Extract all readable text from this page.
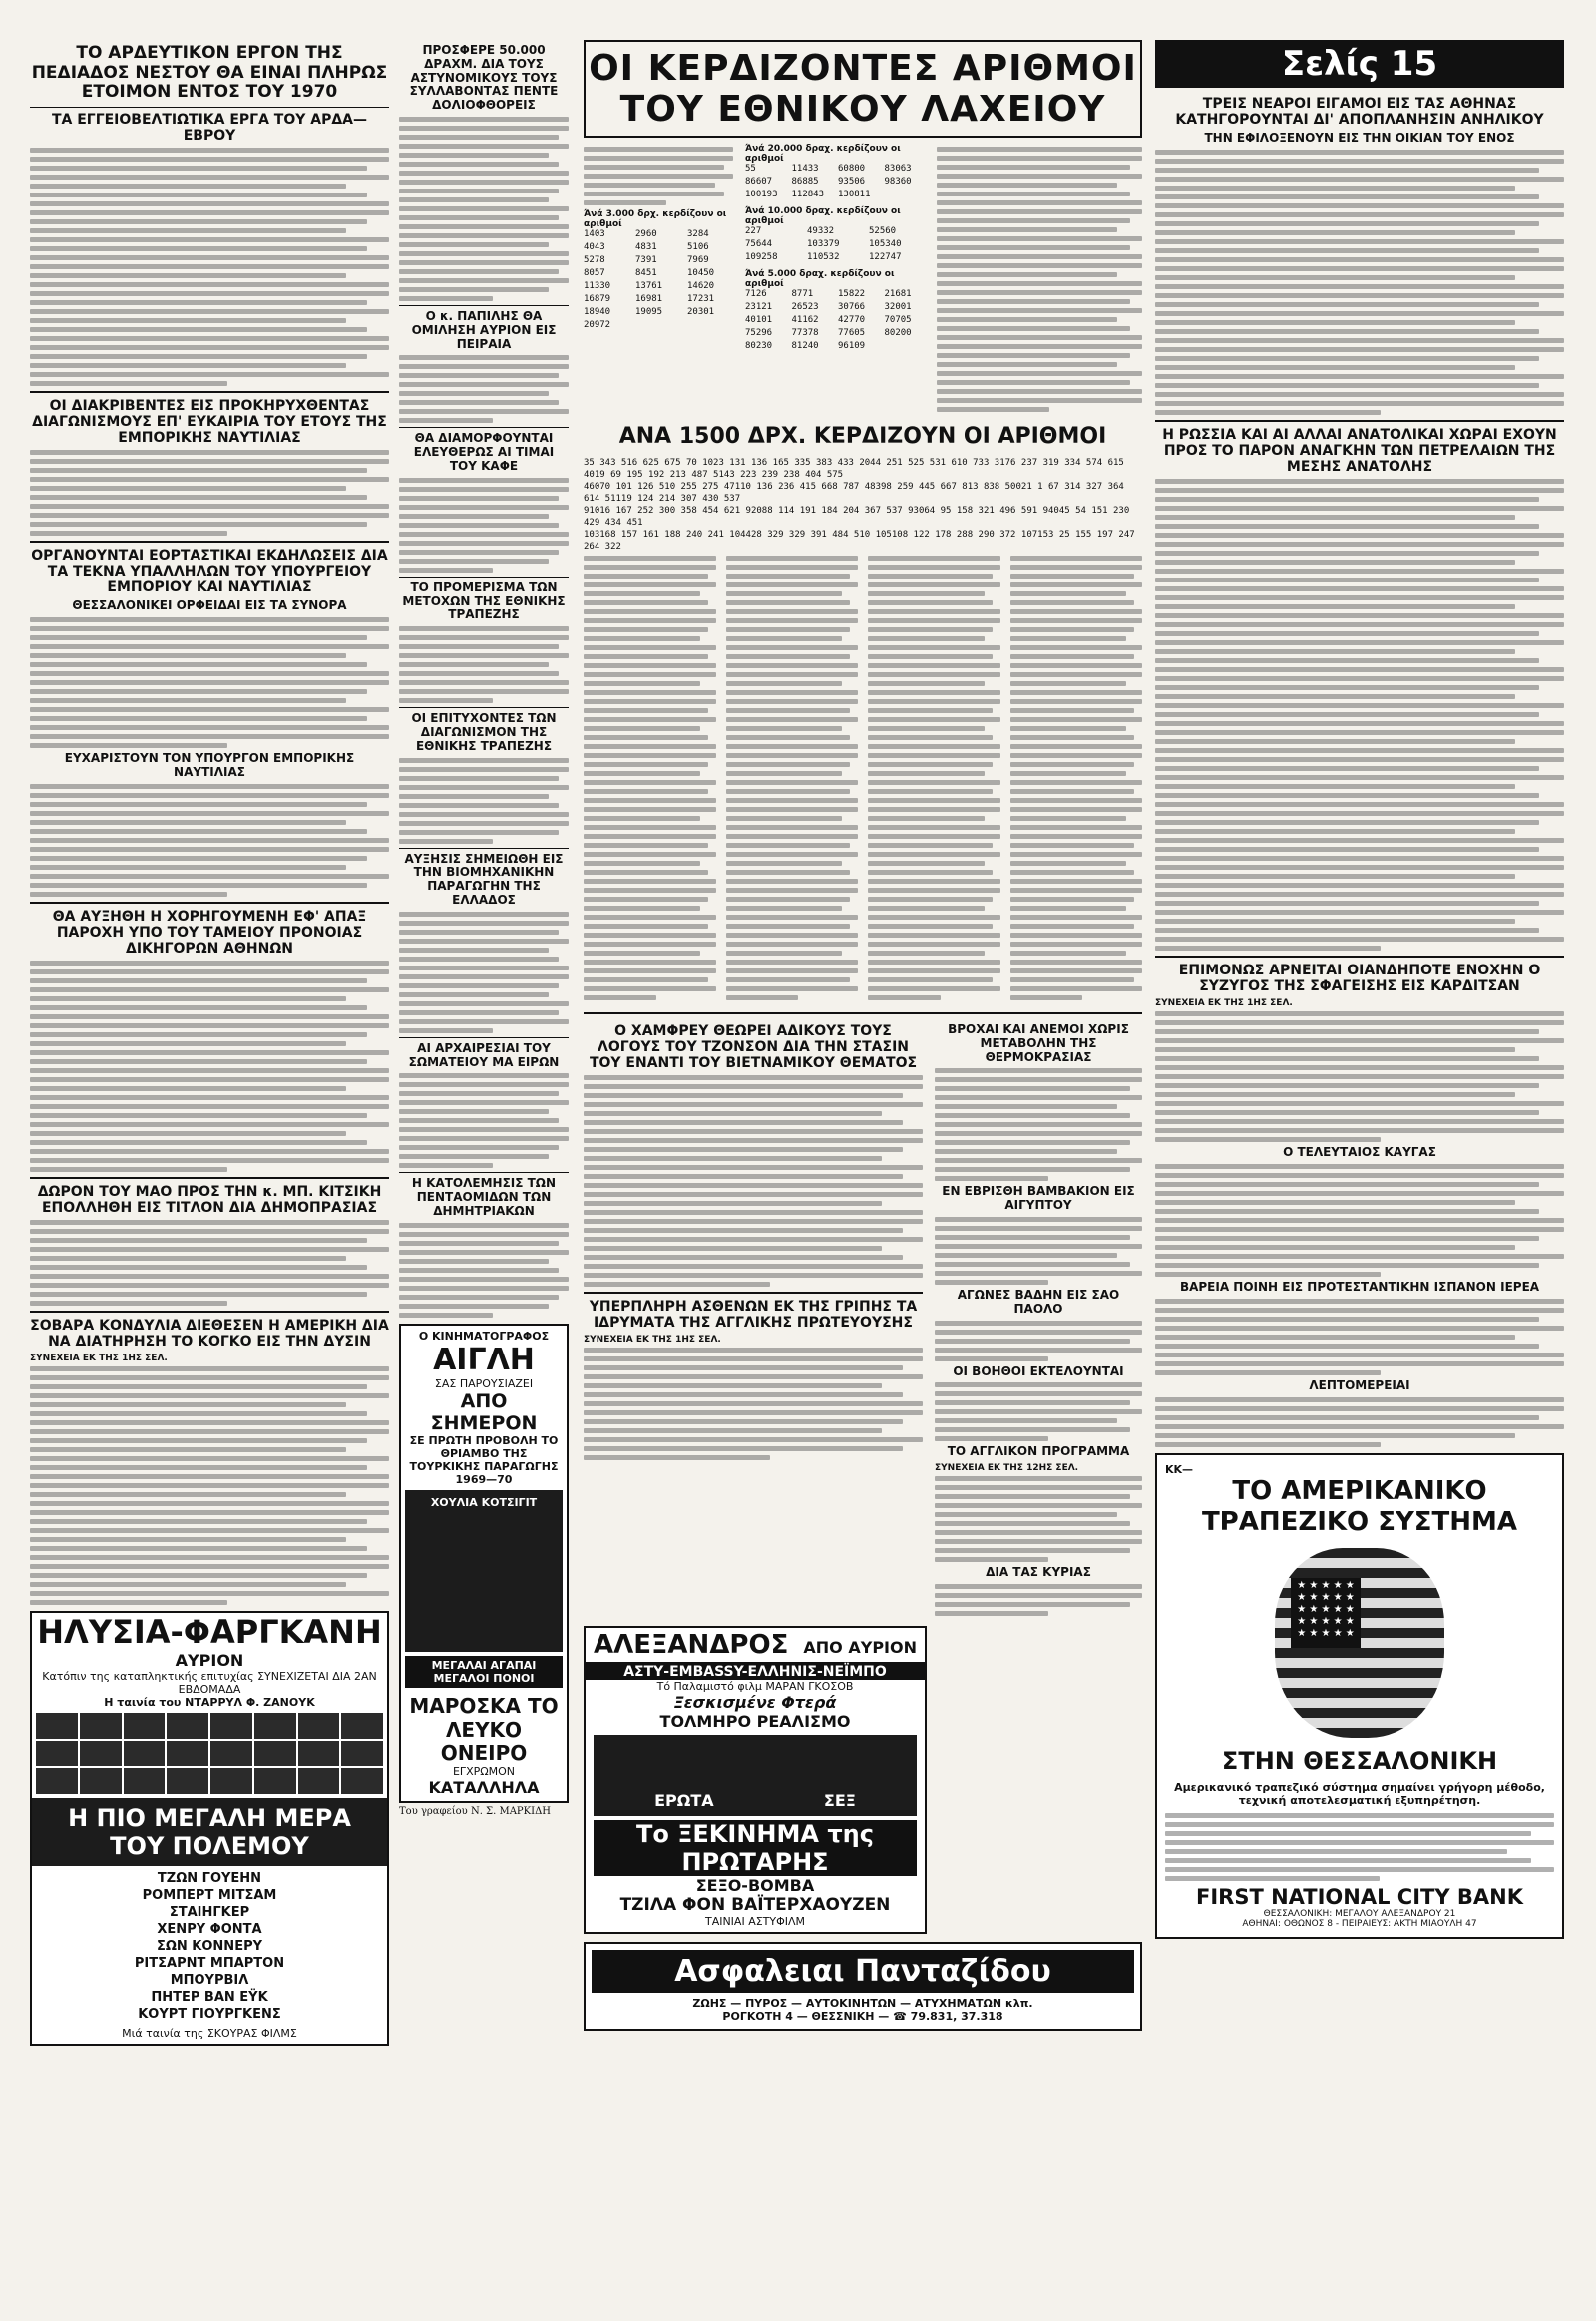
ΤΟ ΑΡΔΕΥΤΙΚΟΝ ΕΡΓΟΝ ΤΗΣ ΠΕΔΙΑΔΟΣ ΝΕΣΤΟΥ ΘΑ ΕΙΝΑΙ ΠΛΗΡΩΣ ΕΤΟΙΜΟΝ ΕΝΤΟΣ ΤΟΥ 1970
ΤΑ ΕΓΓΕΙΟΒΕΛΤΙΩΤΙΚΑ ΕΡΓΑ ΤΟΥ ΑΡΔΑ—ΕΒΡΟΥ
ΟΙ ΔΙΑΚΡΙΒΕΝΤΕΣ ΕΙΣ ΠΡΟΚΗΡΥΧΘΕΝΤΑΣ ΔΙΑΓΩΝΙΣΜΟΥΣ ΕΠ' ΕΥΚΑΙΡΙΑ ΤΟΥ ΕΤΟΥΣ ΤΗΣ ΕΜΠΟΡΙΚΗΣ ΝΑΥΤΙΛΙΑΣ
ΟΡΓΑΝΟΥΝΤΑΙ ΕΟΡΤΑΣΤΙΚΑΙ ΕΚΔΗΛΩΣΕΙΣ ΔΙΑ ΤΑ ΤΕΚΝΑ ΥΠΑΛΛΗΛΩΝ ΤΟΥ ΥΠΟΥΡΓΕΙΟΥ ΕΜΠΟΡΙΟΥ ΚΑΙ ΝΑΥΤΙΛΙΑΣ
ΘΕΣΣΑΛΟΝΙΚΕΙ ΟΡΦΕΙΔΑΙ ΕΙΣ ΤΑ ΣΥΝΟΡΑ
ΕΥΧΑΡΙΣΤΟΥΝ ΤΟΝ ΥΠΟΥΡΓΟΝ ΕΜΠΟΡΙΚΗΣ ΝΑΥΤΙΛΙΑΣ
ΘΑ ΑΥΞΗΘΗ Η ΧΟΡΗΓΟΥΜΕΝΗ ΕΦ' ΑΠΑΞ ΠΑΡΟΧΗ ΥΠΟ ΤΟΥ ΤΑΜΕΙΟΥ ΠΡΟΝΟΙΑΣ ΔΙΚΗΓΟΡΩΝ ΑΘΗΝΩΝ
ΔΩΡΟΝ ΤΟΥ ΜΑΟ ΠΡΟΣ ΤΗΝ κ. ΜΠ. ΚΙΤΣΙΚΗ ΕΠΟΛΛΗΘΗ ΕΙΣ ΤΙΤΛΟΝ ΔΙΑ ΔΗΜΟΠΡΑΣΙΑΣ
ΣΟΒΑΡΑ ΚΟΝΔΥΛΙΑ ΔΙΕΘΕΣΕΝ Η ΑΜΕΡΙΚΗ ΔΙΑ ΝΑ ΔΙΑΤΗΡΗΣΗ ΤΟ ΚΟΓΚΟ ΕΙΣ ΤΗΝ ΔΥΣΙΝ
ΣΥΝΕΧΕΙΑ ΕΚ ΤΗΣ 1ΗΣ ΣΕΛ.
ΗΛΥΣΙΑ-ΦΑΡΓΚΑΝΗ
ΑΥΡΙΟΝ
Κατόπιν της καταπληκτικής επιτυχίας ΣΥΝΕΧΙΖΕΤΑΙ ΔΙΑ 2ΑΝ ΕΒΔΟΜΑΔΑ
Η ταινία του ΝΤΑΡΡΥΛ Φ. ΖΑΝΟΥΚ
Η ΠΙΟ ΜΕΓΑΛΗ ΜΕΡΑ ΤΟΥ ΠΟΛΕΜΟΥ
ΤΖΩΝ ΓΟΥΕΗΝ
ΡΟΜΠΕΡΤ ΜΙΤΣΑΜ
ΣΤΑΙΗΓΚΕΡ
ΧΕΝΡΥ ΦΟΝΤΑ
ΣΩΝ ΚΟΝΝΕΡΥ
ΡΙΤΣΑΡΝΤ ΜΠΑΡΤΟΝ
ΜΠΟΥΡΒΙΛ
ΠΗΤΕΡ ΒΑΝ ΕΫΚ
ΚΟΥΡΤ ΓΙΟΥΡΓΚΕΝΣ
Μιά ταινία της ΣΚΟΥΡΑΣ ΦΙΛΜΣ
ΠΡΟΣΦΕΡΕ 50.000 ΔΡΑΧΜ. ΔΙΑ ΤΟΥΣ ΑΣΤΥΝΟΜΙΚΟΥΣ ΤΟΥΣ ΣΥΛΛΑΒΟΝΤΑΣ ΠΕΝΤΕ ΔΟΛΙΟΦΘΟΡΕΙΣ
Ο κ. ΠΑΠΙΛΗΣ ΘΑ ΟΜΙΛΗΣΗ ΑΥΡΙΟΝ ΕΙΣ ΠΕΙΡΑΙΑ
ΘΑ ΔΙΑΜΟΡΦΟΥΝΤΑΙ ΕΛΕΥΘΕΡΩΣ ΑΙ ΤΙΜΑΙ ΤΟΥ ΚΑΦΕ
ΤΟ ΠΡΟΜΕΡΙΣΜΑ ΤΩΝ ΜΕΤΟΧΩΝ ΤΗΣ ΕΘΝΙΚΗΣ ΤΡΑΠΕΖΗΣ
ΟΙ ΕΠΙΤΥΧΟΝΤΕΣ ΤΩΝ ΔΙΑΓΩΝΙΣΜΟΝ ΤΗΣ ΕΘΝΙΚΗΣ ΤΡΑΠΕΖΗΣ
ΑΥΞΗΣΙΣ ΣΗΜΕΙΩΘΗ ΕΙΣ ΤΗΝ ΒΙΟΜΗΧΑΝΙΚΗΝ ΠΑΡΑΓΩΓΗΝ ΤΗΣ ΕΛΛΑΔΟΣ
ΑΙ ΑΡΧΑΙΡΕΣΙΑΙ ΤΟΥ ΣΩΜΑΤΕΙΟΥ ΜΑ ΕΙΡΩΝ
Η ΚΑΤΟΛΕΜΗΣΙΣ ΤΩΝ ΠΕΝΤΑΟΜΙΔΩΝ ΤΩΝ ΔΗΜΗΤΡΙΑΚΩΝ
Ο ΚΙΝΗΜΑΤΟΓΡΑΦΟΣ
ΑΙΓΛΗ
ΣΑΣ ΠΑΡΟΥΣΙΑΖΕΙ
ΑΠΟ ΣΗΜΕΡΟΝ
ΣΕ ΠΡΩΤΗ ΠΡΟΒΟΛΗ ΤΟ ΘΡΙΑΜΒΟ ΤΗΣ ΤΟΥΡΚΙΚΗΣ ΠΑΡΑΓΩΓΗΣ 1969—70
ΧΟΥΛΙΑ ΚΟΤΣΙΓΙΤ
ΜΕΓΑΛΑΙ ΑΓΑΠΑΙ ΜΕΓΑΛΟΙ ΠΟΝΟΙ
ΜΑΡΟΣΚΑ ΤΟ ΛΕΥΚΟ ΟΝΕΙΡΟ
ΕΓΧΡΩΜΟΝ
ΚΑΤΑΛΛΗΛΑ
Του γραφείου Ν. Σ. ΜΑΡΚΙΔΗ
ΟΙ ΚΕΡΔΙΖΟΝΤΕΣ ΑΡΙΘΜΟΙ ΤΟΥ ΕΘΝΙΚΟΥ ΛΑΧΕΙΟΥ
Άνά 3.000 δρχ. κερδίζουν οι αριθμοί
1403	2960	3284
4043	4831	5106
5278	7391	7969
8057	8451	10450
11330	13761	14620
16879	16981	17231
18940	19095	20301
20972
Άνά 20.000 δραχ. κερδίζουν οι αριθμοί
55	11433	60800	83063
86607	86885	93506	98360
100193	112843	130811
Άνά 10.000 δραχ. κερδίζουν οι αριθμοί
227	49332	52560
75644	103379	105340
109258	110532	122747
Άνά 5.000 δραχ. κερδίζουν οι αριθμοί
7126	8771	15822	21681
23121	26523	30766	32001
40101	41162	42770	70705
75296	77378	77605	80200
80230	81240	96109
ΑΝΑ 1500 ΔΡΧ. ΚΕΡΔΙΖΟΥΝ ΟΙ ΑΡΙΘΜΟΙ
35 343 516 625 675 70 1023 131 136 165 335 383 433 2044 251 525 531 610 733 3176 237 319 334 574 615 4019 69 195 192 213 487 5143 223 239 238 404 575
46070 101 126 510 255 275 47110 136 236 415 668 787 48398 259 445 667 813 838 50021 1 67 314 327 364 614 51119 124 214 307 430 537
91016 167 252 300 358 454 621 92088 114 191 184 204 367 537 93064 95 158 321 496 591 94045 54 151 230 429 434 451
103168 157 161 188 240 241 104428 329 329 391 484 510 105108 122 178 288 290 372 107153 25 155 197 247 264 322
Ο ΧΑΜΦΡΕΥ ΘΕΩΡΕΙ ΑΔΙΚΟΥΣ ΤΟΥΣ ΛΟΓΟΥΣ ΤΟΥ ΤΖΟΝΣΟΝ ΔΙΑ ΤΗΝ ΣΤΑΣΙΝ ΤΟΥ ΕΝΑΝΤΙ ΤΟΥ ΒΙΕΤΝΑΜΙΚΟΥ ΘΕΜΑΤΟΣ
ΥΠΕΡΠΛΗΡΗ ΑΣΘΕΝΩΝ ΕΚ ΤΗΣ ΓΡΙΠΗΣ ΤΑ ΙΔΡΥΜΑΤΑ ΤΗΣ ΑΓΓΛΙΚΗΣ ΠΡΩΤΕΥΟΥΣΗΣ
ΣΥΝΕΧΕΙΑ ΕΚ ΤΗΣ 1ΗΣ ΣΕΛ.
ΒΡΟΧΑΙ ΚΑΙ ΑΝΕΜΟΙ ΧΩΡΙΣ ΜΕΤΑΒΟΛΗΝ ΤΗΣ ΘΕΡΜΟΚΡΑΣΙΑΣ
ΕΝ ΕΒΡΙΣΘΗ ΒΑΜΒΑΚΙΟΝ ΕΙΣ ΑΙΓΥΠΤΟΥ
ΑΓΩΝΕΣ ΒΑΔΗΝ ΕΙΣ ΣΑΟ ΠΑΟΛΟ
ΟΙ ΒΟΗΘΟΙ ΕΚΤΕΛΟΥΝΤΑΙ
ΤΟ ΑΓΓΛΙΚΟΝ ΠΡΟΓΡΑΜΜΑ
ΣΥΝΕΧΕΙΑ ΕΚ ΤΗΣ 12ΗΣ ΣΕΛ.
ΔΙΑ ΤΑΣ ΚΥΡΙΑΣ
ΑΛΕΞΑΝΔΡΟΣ ΑΠΟ ΑΥΡΙΟΝ
ΑΣΤΥ-EMBASSY-ΕΛΛΗΝΙΣ-ΝΕΪΜΠΟ
Τό Παλαμιστό φιλμ ΜΑΡΑΝ ΓΚΟΣΟΒ
Ξεσκισμένε Φτερά
ΤΟΛΜΗΡΟ ΡΕΑΛΙΣΜΟ
ΕΡΩΤΑ	ΣΕΞ
Το ΞΕΚΙΝΗΜΑ της ΠΡΩΤΑΡΗΣ
ΣΕΞΟ-ΒΟΜΒΑ
ΤΖΙΛΑ ΦΟΝ ΒΑΪΤΕΡΧΑΟΥΖΕΝ
ΤΑΙΝΙΑΙ ΑΣΤΥΦΙΛΜ
Ασφαλειαι Πανταζίδου
ΖΩΗΣ — ΠΥΡΟΣ — ΑΥΤΟΚΙΝΗΤΩΝ — ΑΤΥΧΗΜΑΤΩΝ κλπ.
ΡΟΓΚΟΤΗ 4 — ΘΕΣΣΝΙΚΗ — ☎ 79.831, 37.318
Σελίς 15
ΤΡΕΙΣ ΝΕΑΡΟΙ ΕΙΓΑΜΟΙ ΕΙΣ ΤΑΣ ΑΘΗΝΑΣ ΚΑΤΗΓΟΡΟΥΝΤΑΙ ΔΙ' ΑΠΟΠΛΑΝΗΣΙΝ ΑΝΗΛΙΚΟΥ
ΤΗΝ ΕΦΙΛΟΞΕΝΟΥΝ ΕΙΣ ΤΗΝ ΟΙΚΙΑΝ ΤΟΥ ΕΝΟΣ
Η ΡΩΣΣΙΑ ΚΑΙ ΑΙ ΑΛΛΑΙ ΑΝΑΤΟΛΙΚΑΙ ΧΩΡΑΙ ΕΧΟΥΝ ΠΡΟΣ ΤΟ ΠΑΡΟΝ ΑΝΑΓΚΗΝ ΤΩΝ ΠΕΤΡΕΛΑΙΩΝ ΤΗΣ ΜΕΣΗΣ ΑΝΑΤΟΛΗΣ
ΕΠΙΜΟΝΩΣ ΑΡΝΕΙΤΑΙ ΟΙΑΝΔΗΠΟΤΕ ΕΝΟΧΗΝ Ο ΣΥΖΥΓΟΣ ΤΗΣ ΣΦΑΓΕΙΣΗΣ ΕΙΣ ΚΑΡΔΙΤΣΑΝ
ΣΥΝΕΧΕΙΑ ΕΚ ΤΗΣ 1ΗΣ ΣΕΛ.
Ο ΤΕΛΕΥΤΑΙΟΣ ΚΑΥΓΑΣ
ΒΑΡΕΙΑ ΠΟΙΝΗ ΕΙΣ ΠΡΟΤΕΣΤΑΝΤΙΚΗΝ ΙΣΠΑΝΟΝ ΙΕΡΕΑ
ΛΕΠΤΟΜΕΡΕΙΑΙ
ΚΚ—
ΤΟ ΑΜΕΡΙΚΑΝΙΚΟ ΤΡΑΠΕΖΙΚΟ ΣΥΣΤΗΜΑ
★ ★ ★ ★ ★ ★ ★ ★ ★ ★ ★ ★ ★ ★ ★ ★ ★ ★ ★ ★ ★ ★ ★ ★ ★
ΣΤΗΝ ΘΕΣΣΑΛΟΝΙΚΗ
Αμερικανικό τραπεζικό σύστημα σημαίνει γρήγορη μέθοδο, τεχνική αποτελεσματική εξυπηρέτηση.
FIRST NATIONAL CITY BANK
ΘΕΣΣΑΛΟΝΙΚΗ: ΜΕΓΑΛΟΥ ΑΛΕΞΑΝΔΡΟΥ 21
ΑΘΗΝΑΙ: ΟΘΩΝΟΣ 8 - ΠΕΙΡΑΙΕΥΣ: ΑΚΤΗ ΜΙΑΟΥΛΗ 47
